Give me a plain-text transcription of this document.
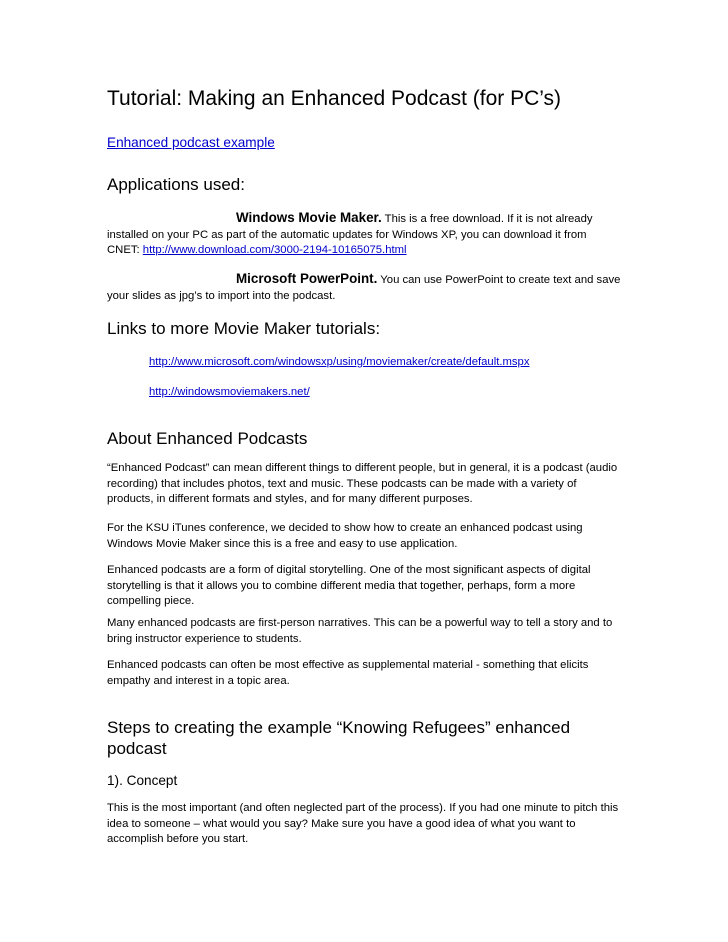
Tutorial: Making an Enhanced Podcast (for PC’s)
Enhanced podcast example
Applications used:

Windows Movie Maker. This is a free download. If it is not already installed on your PC as part of the automatic updates for Windows XP, you can download it from CNET: http://www.download.com/3000-2194-10165075.html

Microsoft PowerPoint. You can use PowerPoint to create text and save your slides as jpg’s to import into the podcast.

Links to more Movie Maker tutorials:
http://www.microsoft.com/windowsxp/using/moviemaker/create/default.mspx
http://windowsmoviemakers.net/
About Enhanced Podcasts

“Enhanced Podcast” can mean different things to different people, but in general, it is a podcast (audio recording) that includes photos, text and music. These podcasts can be made with a variety of products, in different formats and styles, and for many different purposes.

For the KSU iTunes conference, we decided to show how to create an enhanced podcast using Windows Movie Maker since this is a free and easy to use application.

Enhanced podcasts are a form of digital storytelling. One of the most significant aspects of digital storytelling is that it allows you to combine different media that together, perhaps, form a more compelling piece.

Many enhanced podcasts are first-person narratives. This can be a powerful way to tell a story and to bring instructor experience to students.

Enhanced podcasts can often be most effective as supplemental material - something that elicits empathy and interest in a topic area.

Steps to creating the example “Knowing Refugees” enhanced
podcast
1). Concept

This is the most important (and often neglected part of the process). If you had one minute to pitch this idea to someone – what would you say? Make sure you have a good idea of what you want to accomplish before you start.
